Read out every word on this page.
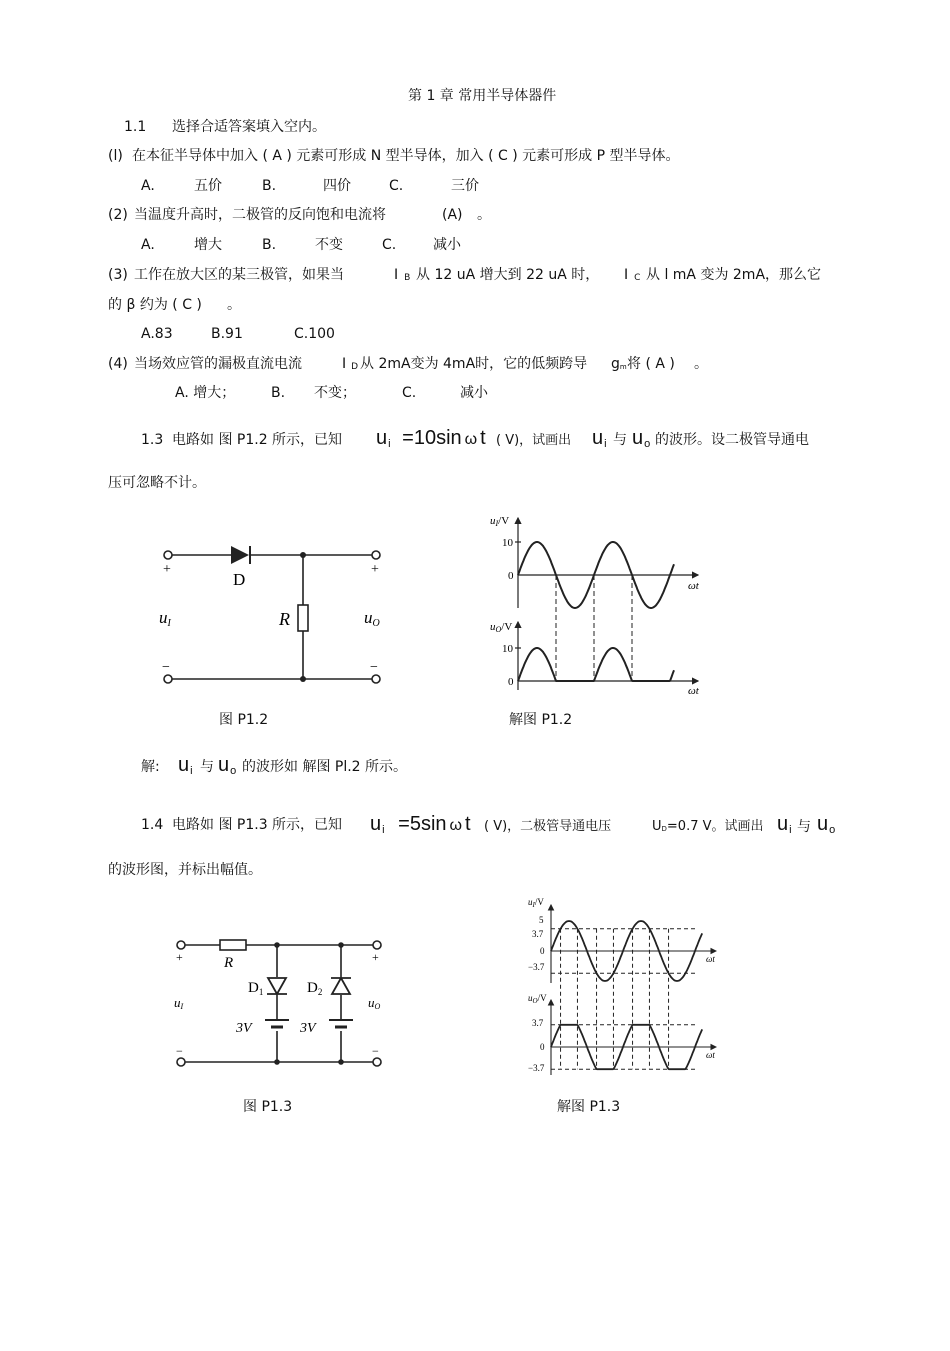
第 1 章 常用半导体器件
1.1 选择合适答案填入空内。
(l) 在本征半导体中加入 ( A ) 元素可形成 N 型半导体，加入 ( C ) 元素可形成 P 型半导体。
A.	五价	B.	四价	C.	三价
(2) 当温度升高时，二极管的反向饱和电流将	(A) 。
A.	增大	B.	不变	C.	减小
(3) 工作在放大区的某三极管，如果当	I B 从 12 uA 增大到 22 uA 时， I C 从 l mA 变为 2mA，那么它
的 β 约为 ( C ) 。
A.83	B.91	C.100
(4) 当场效应管的漏极直流电流	I D 从 2mA变为 4mA时，它的低频跨导 gm 将 ( A ) 。
A. 增大；	B. 不变；	C.	减小
1.3 电路如 图 P1.2 所示，已知 $u_i =10\sin$ ω t ( V)，试画出 $u_i$ 与 $u_o$ 的波形。设二极管导通电
压可忽略不计。
D
R
+	+
−	−
uI	uO
图 P1.2
10
0
10
0
uI/V
uO/V
ωt
ωt
解图 P1.2
解: $u_i$ 与 $u_o$ 的波形如 解图 Pl.2 所示。
1.4 电路如 图 P1.3 所示，已知 $u_i =5\sin$ ω t ( V)，二极管导通电压	UD=0.7 V。试画出 $u_i$ 与 $u_o$
的波形图，并标出幅值。
R
$D_1$	$D_2$
3V	3V
+	+
−	−
uI	uO
图 P1.3
$u_I/V$
$u_O/V$
5
3.7
0
−3.7
3.7
0
−3.7
ωt
ωt
解图 P1.3
